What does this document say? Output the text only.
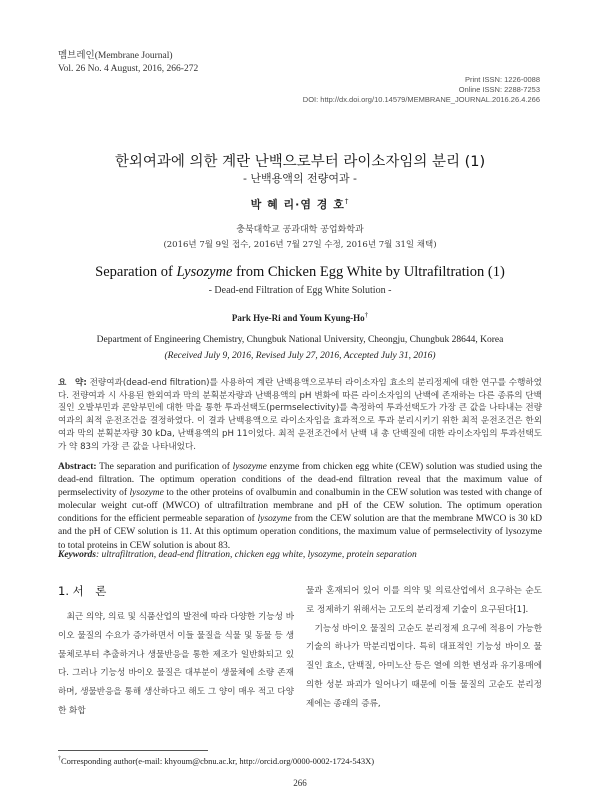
멤브레인(Membrane Journal)
Vol. 26 No. 4 August, 2016, 266-272
Print ISSN: 1226-0088
Online ISSN: 2288-7253
DOI: http://dx.doi.org/10.14579/MEMBRANE_JOURNAL.2016.26.4.266
한외여과에 의한 계란 난백으로부터 라이소자임의 분리 (1)
- 난백용액의 전량여과 -
박 혜 리·염 경 호†
충북대학교 공과대학 공업화학과
(2016년 7월 9일 접수, 2016년 7월 27일 수정, 2016년 7월 31일 채택)
Separation of Lysozyme from Chicken Egg White by Ultrafiltration (1)
- Dead-end Filtration of Egg White Solution -
Park Hye-Ri and Youm Kyung-Ho†
Department of Engineering Chemistry, Chungbuk National University, Cheongju, Chungbuk 28644, Korea
(Received July 9, 2016, Revised July 27, 2016, Accepted July 31, 2016)
요　약: 전량여과(dead-end filtration)를 사용하여 계란 난백용액으로부터 라이소자임 효소의 분리정제에 대한 연구를 수행하였다. 전량여과 시 사용된 한외여과 막의 분획분자량과 난백용액의 pH 변화에 따른 라이소자임의 난백에 존재하는 다른 종류의 단백질인 오발부민과 콘알부민에 대한 막을 통한 투과선택도(permselectivity)를 측정하여 투과선택도가 가장 큰 값을 나타내는 전량여과의 최적 운전조건을 결정하였다. 이 결과 난백용액으로 라이소자임을 효과적으로 투과 분리시키기 위한 최적 운전조건은 한외여과 막의 분획분자량 30 kDa, 난백용액의 pH 11이었다. 최적 운전조건에서 난백 내 총 단백질에 대한 라이소자임의 투과선택도가 약 83의 가장 큰 값을 나타내었다.
Abstract: The separation and purification of lysozyme enzyme from chicken egg white (CEW) solution was studied using the dead-end filtration. The optimum operation conditions of the dead-end filtration reveal that the maximum value of permselectivity of lysozyme to the other proteins of ovalbumin and conalbumin in the CEW solution was tested with change of molecular weight cut-off (MWCO) of ultrafiltration membrane and pH of the CEW solution. The optimum operation conditions for the efficient permeable separation of lysozyme from the CEW solution are that the membrane MWCO is 30 kD and the pH of CEW solution is 11. At this optimum operation conditions, the maximum value of permselectivity of lysozyme to total proteins in CEW solution is about 83.
Keywords: ultrafiltration, dead-end flitration, chicken egg white, lysozyme, protein separation
1. 서　론

최근 의약, 의료 및 식품산업의 발전에 따라 다양한 기능성 바이오 물질의 수요가 증가하면서 이들 물질을 식물 및 동물 등 생물체로부터 추출하거나 생물반응을 통한 제조가 일반화되고 있다. 그러나 기능성 바이오 물질은 대부분이 생물체에 소량 존재하며, 생물반응을 통해 생산하다고 해도 그 양이 매우 적고 다양한 화합

물과 혼재되어 있어 이를 의약 및 의료산업에서 요구하는 순도로 정제하기 위해서는 고도의 분리정제 기술이 요구된다[1].

기능성 바이오 물질의 고순도 분리정제 요구에 적용이 가능한 기술의 하나가 막분리법이다. 특히 대표적인 기능성 바이오 물질인 효소, 단백질, 아미노산 등은 열에 의한 변성과 유기용매에 의한 성분 파괴가 일어나기 때문에 이들 물질의 고순도 분리정제에는 종래의 증류,

†Corresponding author(e-mail: khyoum@cbnu.ac.kr, http://orcid.org/0000-0002-1724-543X)
266
